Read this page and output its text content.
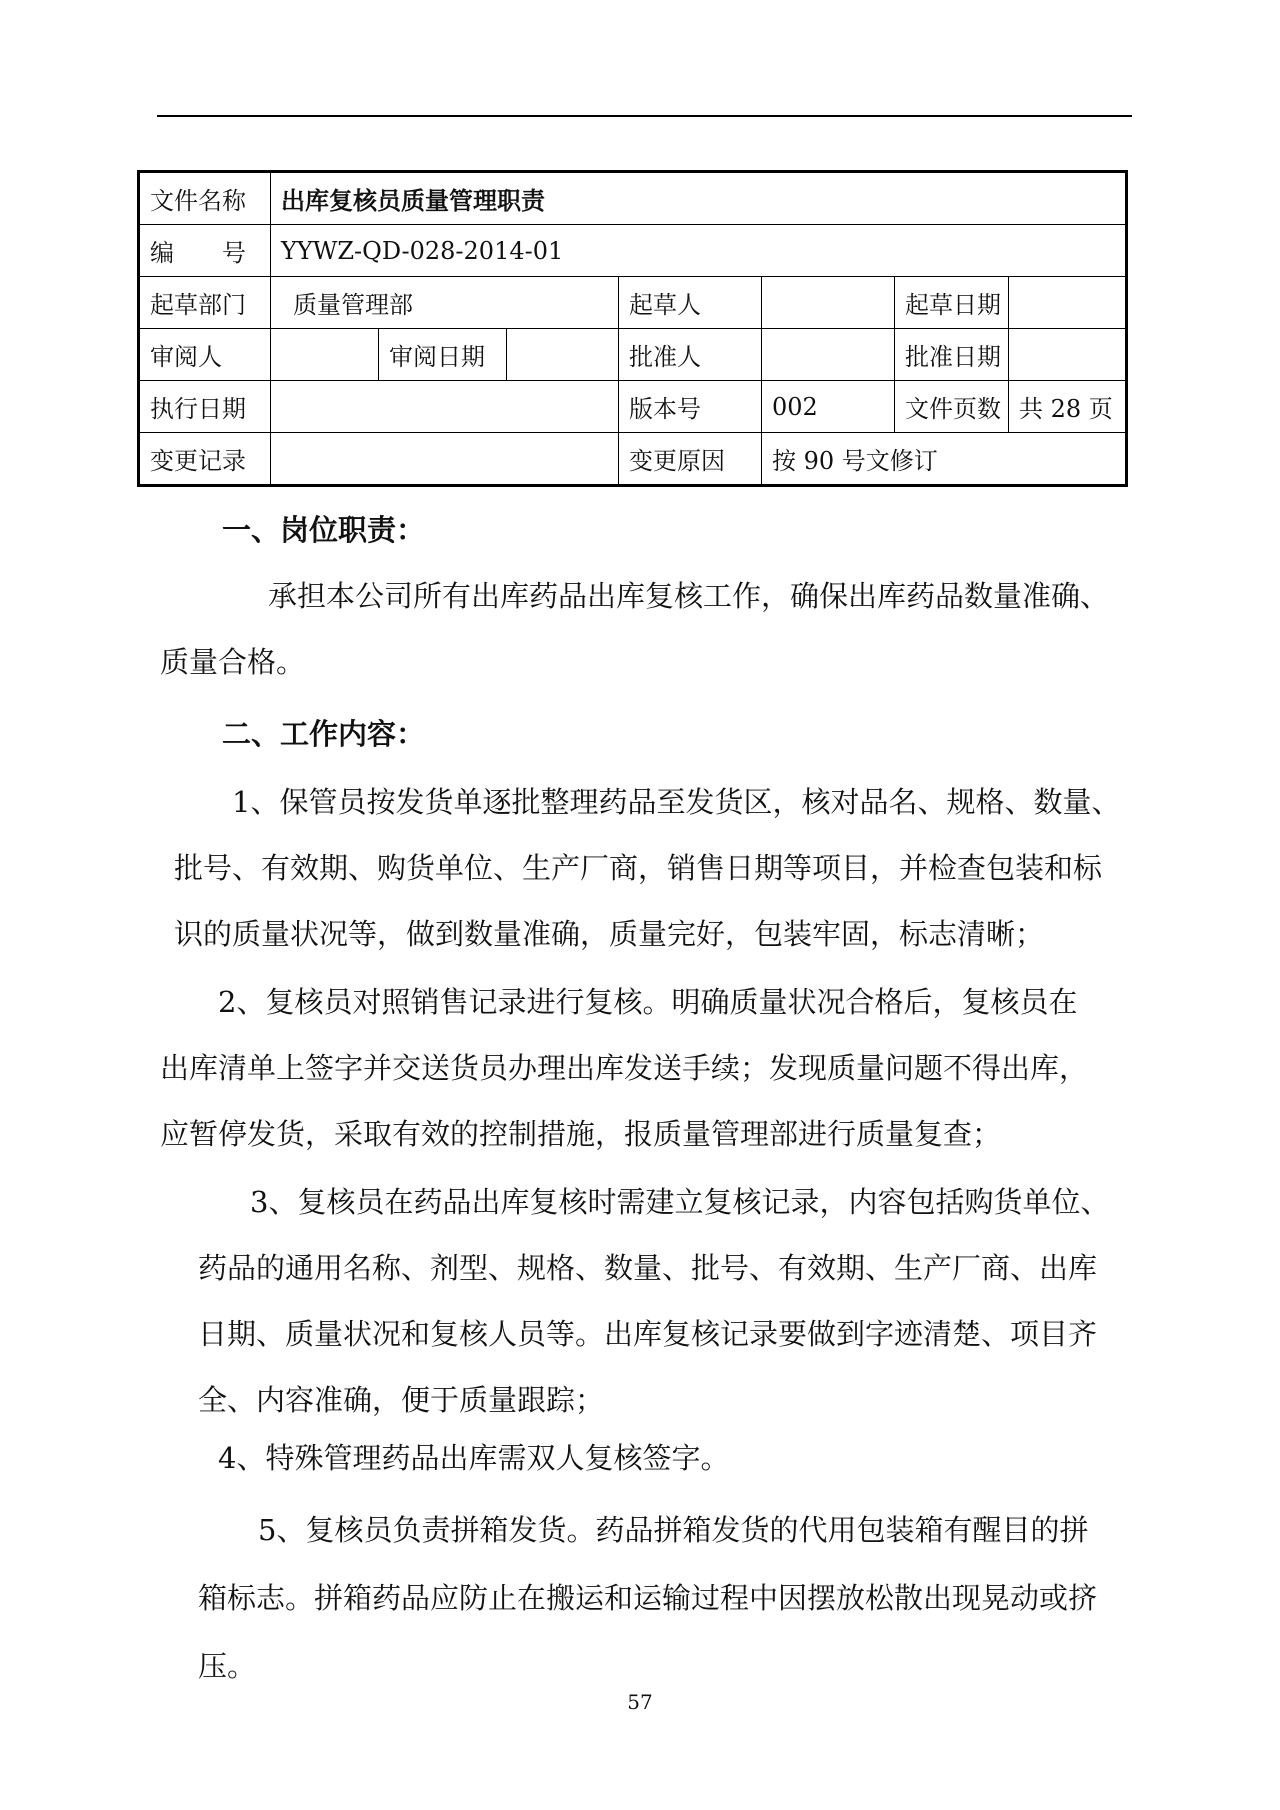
文件名称	出库复核员质量管理职责						
编　　号	YYWZ-QD-028-2014-01						
起草部门	质量管理部			起草人		起草日期	
审阅人		审阅日期		批准人		批准日期	
执行日期				版本号	002	文件页数	共 28 页
变更记录				变更原因	按 90 号文修订		
一、岗位职责：
承担本公司所有出库药品出库复核工作，确保出库药品数量准确、
质量合格。
二、工作内容：
1、保管员按发货单逐批整理药品至发货区，核对品名、规格、数量、
批号、有效期、购货单位、生产厂商，销售日期等项目，并检查包装和标
识的质量状况等，做到数量准确，质量完好，包装牢固，标志清晰；
2、复核员对照销售记录进行复核。明确质量状况合格后，复核员在
出库清单上签字并交送货员办理出库发送手续；发现质量问题不得出库，
应暂停发货，采取有效的控制措施，报质量管理部进行质量复查；
3、复核员在药品出库复核时需建立复核记录，内容包括购货单位、
药品的通用名称、剂型、规格、数量、批号、有效期、生产厂商、出库
日期、质量状况和复核人员等。出库复核记录要做到字迹清楚、项目齐
全、内容准确，便于质量跟踪；
4、特殊管理药品出库需双人复核签字。
5、复核员负责拼箱发货。药品拼箱发货的代用包装箱有醒目的拼
箱标志。拼箱药品应防止在搬运和运输过程中因摆放松散出现晃动或挤
压。
57
